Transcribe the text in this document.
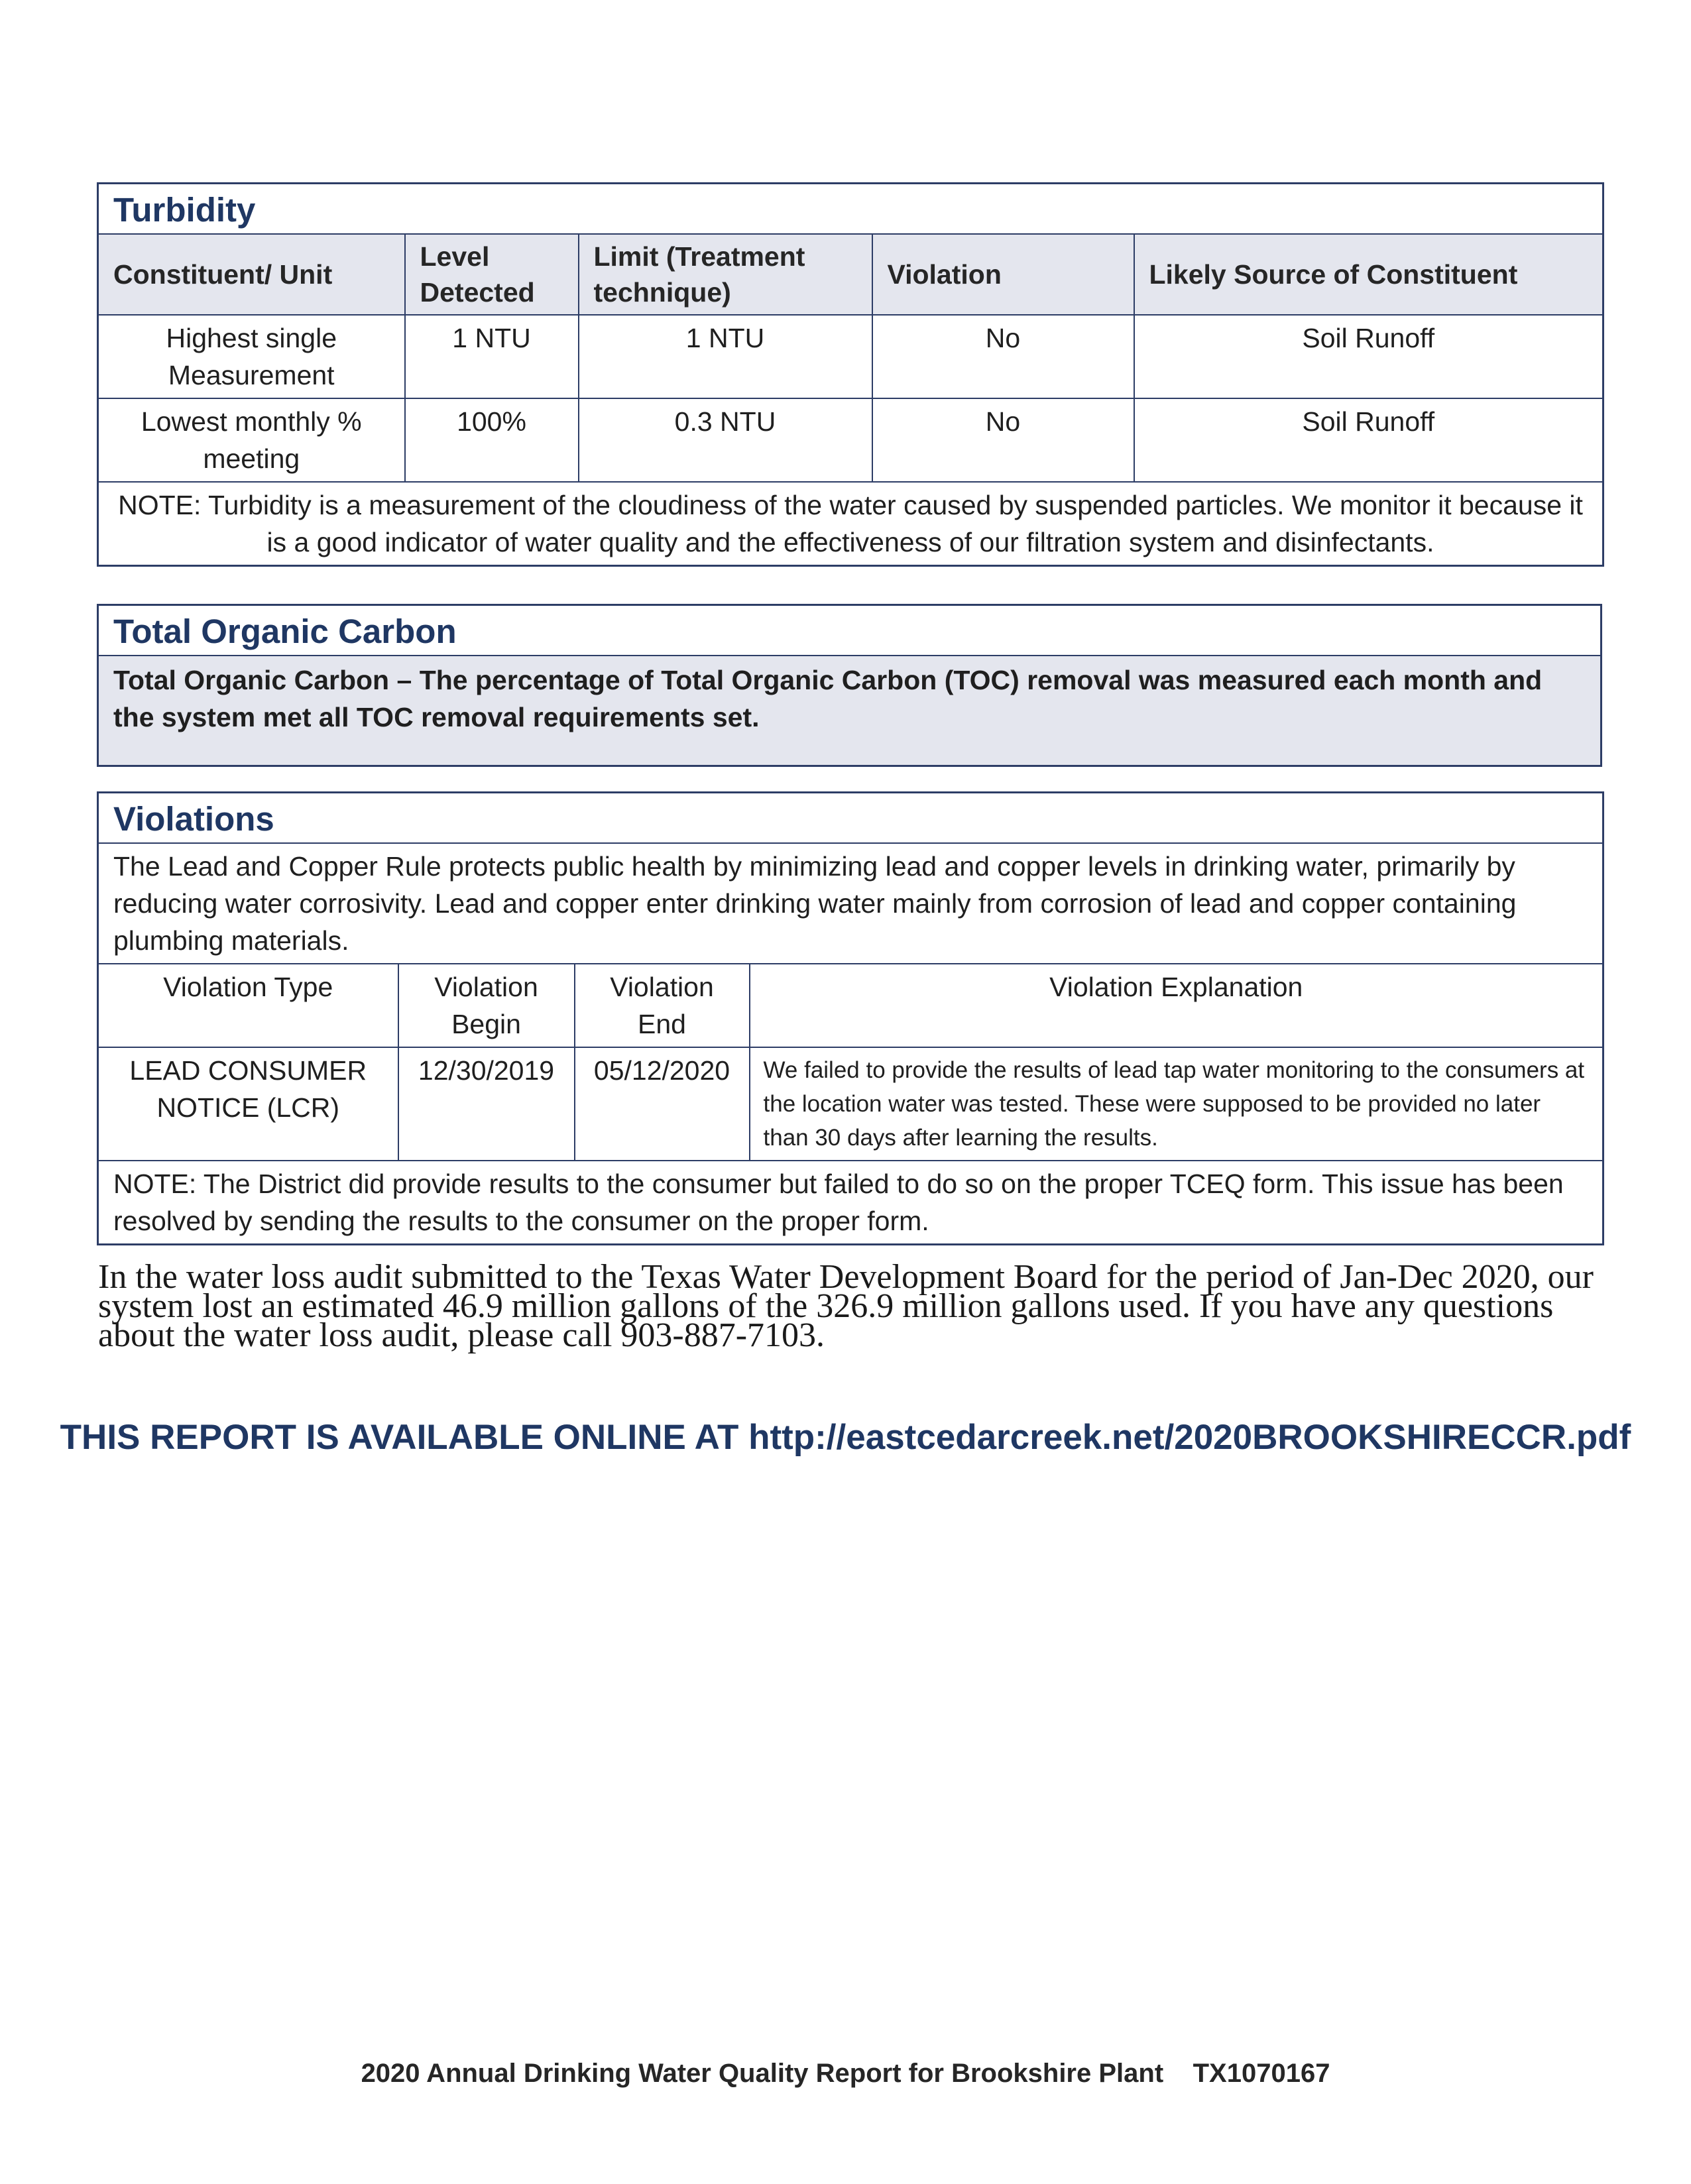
Turbidity				
Constituent/ Unit	Level Detected	Limit (Treatment technique)	Violation	Likely Source of Constituent
Highest single Measurement	1 NTU	1 NTU	No	Soil Runoff
Lowest monthly % meeting	100%	0.3 NTU	No	Soil Runoff
NOTE: Turbidity is a measurement of the cloudiness of the water caused by suspended particles. We monitor it because it is a good indicator of water quality and the effectiveness of our filtration system and disinfectants.				
Total Organic Carbon
Total Organic Carbon – The percentage of Total Organic Carbon (TOC) removal was measured each month and the system met all TOC removal requirements set.
Violations			
The Lead and Copper Rule protects public health by minimizing lead and copper levels in drinking water, primarily by reducing water corrosivity. Lead and copper enter drinking water mainly from corrosion of lead and copper containing plumbing materials.			
Violation Type	Violation Begin	Violation End	Violation Explanation
LEAD CONSUMER NOTICE (LCR)	12/30/2019	05/12/2020	We failed to provide the results of lead tap water monitoring to the consumers at the location water was tested. These were supposed to be provided no later than 30 days after learning the results.
NOTE: The District did provide results to the consumer but failed to do so on the proper TCEQ form. This issue has been resolved by sending the results to the consumer on the proper form.			
In the water loss audit submitted to the Texas Water Development Board for the period of Jan-Dec 2020, our system lost an estimated 46.9 million gallons of the 326.9 million gallons used. If you have any questions about the water loss audit, please call 903-887-7103.
THIS REPORT IS AVAILABLE ONLINE AT http://eastcedarcreek.net/2020BROOKSHIRECCR.pdf
2020 Annual Drinking Water Quality Report for Brookshire Plant    TX1070167
